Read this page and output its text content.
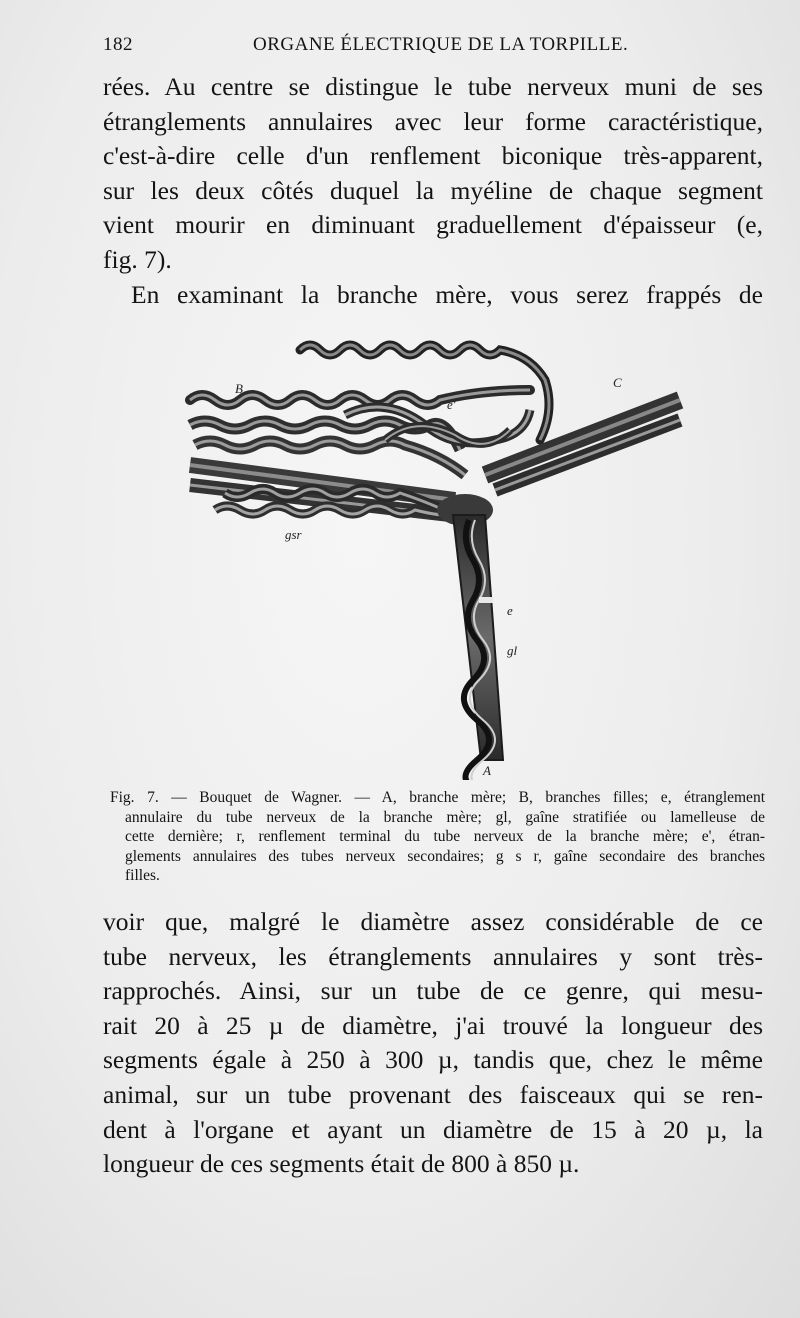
182	ORGANE ÉLECTRIQUE DE LA TORPILLE.
rées. Au centre se distingue le tube nerveux muni de ses
étranglements annulaires avec leur forme caractéristique,
c'est-à-dire celle d'un renflement biconique très-apparent,
sur les deux côtés duquel la myéline de chaque segment
vient mourir en diminuant graduellement d'épaisseur (e,
fig. 7).
En examinant la branche mère, vous serez frappés de
B	C
e'
gsr
e
gl
A
Fig. 7. — Bouquet de Wagner. — A, branche mère; B, branches filles; e, étranglement
annulaire du tube nerveux de la branche mère; gl, gaîne stratifiée ou lamelleuse de
cette dernière; r, renflement terminal du tube nerveux de la branche mère; e', étran-
glements annulaires des tubes nerveux secondaires; g s r, gaîne secondaire des branches
filles.
voir que, malgré le diamètre assez considérable de ce
tube nerveux, les étranglements annulaires y sont très-
rapprochés. Ainsi, sur un tube de ce genre, qui mesu-
rait 20 à 25 µ de diamètre, j'ai trouvé la longueur des
segments égale à 250 à 300 µ, tandis que, chez le même
animal, sur un tube provenant des faisceaux qui se ren-
dent à l'organe et ayant un diamètre de 15 à 20 µ, la
longueur de ces segments était de 800 à 850 µ.
